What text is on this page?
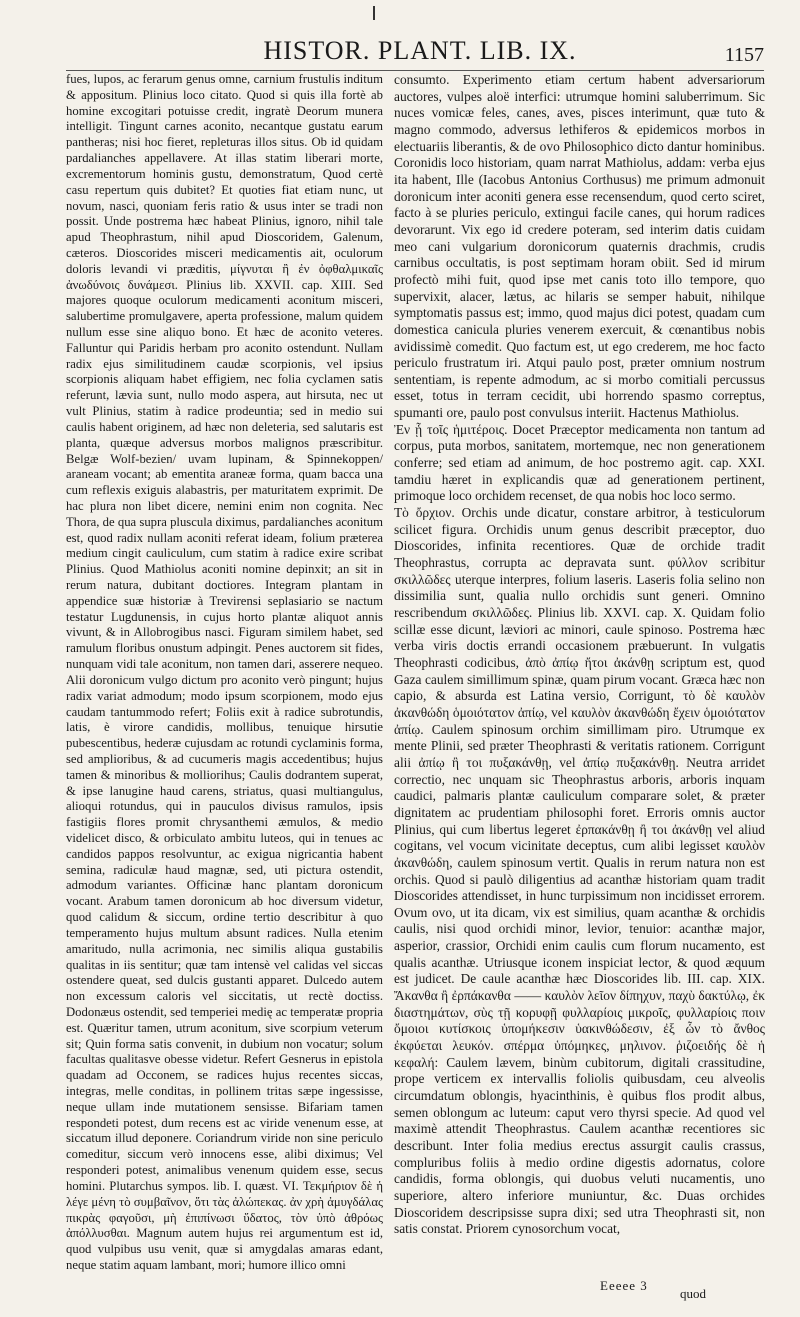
HISTOR. PLANT. LIB. IX.	1157

fues, lupos, ac ferarum genus omne, carnium frustulis inditum & appositum. Plinius loco citato. Quod si quis illa fortè ab homine excogitari potuisse credit, ingratè Deorum munera intelligit. Tingunt carnes aconito, necantque gustatu earum pantheras; nisi hoc fieret, repleturas illos situs. Ob id quidam pardalianches appellavere. At illas statim liberari morte, excrementorum hominis gustu, demonstratum, Quod certè casu repertum quis dubitet? Et quoties fiat etiam nunc, ut novum, nasci, quoniam feris ratio & usus inter se tradi non possit. Unde postrema hæc habeat Plinius, ignoro, nihil tale apud Theophrastum, nihil apud Dioscoridem, Galenum, cæteros. Dioscorides misceri medicamentis ait, oculorum doloris levandi vi præditis, μίγνυται ἢ ἐν ὀφθαλμικαῖς ἀνωδύνοις δυνάμεσι. Plinius lib. XXVII. cap. XIII. Sed majores quoque oculorum medicamenti aconitum misceri, salubertime promulgavere, aperta professione, malum quidem nullum esse sine aliquo bono. Et hæc de aconito veteres. Falluntur qui Paridis herbam pro aconito ostendunt. Nullam radix ejus similitudinem caudæ scorpionis, vel ipsius scorpionis aliquam habet effigiem, nec folia cyclamen satis referunt, lævia sunt, nullo modo aspera, aut hirsuta, nec ut vult Plinius, statim à radice prodeuntia; sed in medio sui caulis habent originem, ad hæc non deleteria, sed salutaris est planta, quæque adversus morbos malignos præscribitur. Belgæ Wolf-bezien/ uvam lupinam, & Spinnekoppen/ araneam vocant; ab ementita araneæ forma, quam bacca una cum reflexis exiguis alabastris, per maturitatem exprimit. De hac plura non libet dicere, nemini enim non cognita. Nec Thora, de qua supra pluscula diximus, pardalianches aconitum est, quod radix nullam aconiti referat ideam, folium præterea medium cingit cauliculum, cum statim à radice exire scribat Plinius. Quod Mathiolus aconiti nomine depinxit; an sit in rerum natura, dubitant doctiores. Integram plantam in appendice suæ historiæ à Trevirensi seplasiario se nactum testatur Lugdunensis, in cujus horto plantæ aliquot annis vivunt, & in Allobrogibus nasci. Figuram similem habet, sed ramulum floribus onustum adpingit. Penes auctorem sit fides, nunquam vidi tale aconitum, non tamen dari, asserere nequeo. Alii doronicum vulgo dictum pro aconito verò pingunt; hujus radix variat admodum; modo ipsum scorpionem, modo ejus caudam tantummodo refert; Foliis exit à radice subrotundis, latis, è virore candidis, mollibus, tenuique hirsutie pubescentibus, hederæ cujusdam ac rotundi cyclaminis forma, sed amplioribus, & ad cucumeris magis accedentibus; hujus tamen & minoribus & molliorihus; Caulis dodrantem superat, & ipse lanugine haud carens, striatus, quasi multiangulus, alioqui rotundus, qui in pauculos divisus ramulos, ipsis fastigiis flores promit chrysanthemi æmulos, & medio videlicet disco, & orbiculato ambitu luteos, qui in tenues ac candidos pappos resolvuntur, ac exigua nigricantia habent semina, radiculæ haud magnæ, sed, uti pictura ostendit, admodum variantes. Officinæ hanc plantam doronicum vocant. Arabum tamen doronicum ab hoc diversum videtur, quod calidum & siccum, ordine tertio describitur à quo temperamento hujus multum absunt radices. Nulla etenim amaritudo, nulla acrimonia, nec similis aliqua gustabilis qualitas in iis sentitur; quæ tam intensè vel calidas vel siccas ostendere queat, sed dulcis gustanti apparet. Dulcedo autem non excessum caloris vel siccitatis, ut rectè doctiss. Dodonæus ostendit, sed temperiei medię ac temperatæ propria est. Quæritur tamen, utrum aconitum, sive scorpium veterum sit; Quin forma satis convenit, in dubium non vocatur; solum facultas qualitasve obesse videtur. Refert Gesnerus in epistola quadam ad Occonem, se radices hujus recentes siccas, integras, melle conditas, in pollinem tritas sæpe ingessisse, neque ullam inde mutationem sensisse. Bifariam tamen respondeti potest, dum recens est ac viride venenum esse, at siccatum illud deponere. Coriandrum viride non sine periculo comeditur, siccum verò innocens esse, alibi diximus; Vel responderi potest, animalibus venenum quidem esse, secus homini. Plutarchus sympos. lib. I. quæst. VI. Τεκμήριον δὲ ἡ λέγε μένη τὸ συμβαῖνον, ὅτι τὰς ἀλώπεκας. ἀν χρὴ ἀμυγδάλας πικρὰς φαγοῦσι, μὴ ἐπιπίνωσι ὕδατος, τὸν ὑπὸ ἀθρόως ἀπόλλυσθαι. Magnum autem hujus rei argumentum est id, quod vulpibus usu venit, quæ si amygdalas amaras edant, neque statim aquam lambant, mori; humore illico omni

consumto. Experimento etiam certum habent adversariorum auctores, vulpes aloë interfici: utrumque homini saluberrimum. Sic nuces vomicæ feles, canes, aves, pisces interimunt, quæ tuto & magno commodo, adversus lethiferos & epidemicos morbos in electuariis liberantis, & de ovo Philosophico dicto dantur hominibus. Coronidis loco historiam, quam narrat Mathiolus, addam: verba ejus ita habent, Ille (Iacobus Antonius Corthusus) me primum admonuit doronicum inter aconiti genera esse recensendum, quod certo sciret, facto à se pluries periculo, extingui facile canes, qui horum radices devorarunt. Vix ego id credere poteram, sed interim datis cuidam meo cani vulgarium doronicorum quaternis drachmis, crudis carnibus occultatis, is post septimam horam obiit. Sed id mirum profectò mihi fuit, quod ipse met canis toto illo tempore, quo supervixit, alacer, lætus, ac hilaris se semper habuit, nihilque symptomatis passus est; immo, quod majus dici potest, quadam cum domestica canicula pluries venerem exercuit, & cœnantibus nobis avidissimè comedit. Quo factum est, ut ego crederem, me hoc facto periculo frustratum iri. Atqui paulo post, præter omnium nostrum sententiam, is repente admodum, ac si morbo comitiali percussus esset, totus in terram cecidit, ubi horrendo spasmo correptus, spumanti ore, paulo post convulsus interiit. Hactenus Mathiolus.

Ἐν ᾗ τοῖς ἡμιτέροις. Docet Præceptor medicamenta non tantum ad corpus, puta morbos, sanitatem, mortemque, nec non generationem conferre; sed etiam ad animum, de hoc postremo agit. cap. XXI. tamdiu hæret in explicandis quæ ad generationem pertinent, primoque loco orchidem recenset, de qua nobis hoc loco sermo.

Τὸ ὄρχιον. Orchis unde dicatur, constare arbitror, à testiculorum scilicet figura. Orchidis unum genus describit præceptor, duo Dioscorides, infinita recentiores. Quæ de orchide tradit Theophrastus, corrupta ac depravata sunt. φύλλον scribitur σκιλλῶδες uterque interpres, folium laseris. Laseris folia selino non dissimilia sunt, qualia nullo orchidis sunt generi. Omnino rescribendum σκιλλῶδες. Plinius lib. XXVI. cap. X. Quidam folio scillæ esse dicunt, læviori ac minori, caule spinoso. Postrema hæc verba viris doctis errandi occasionem præbuerunt. In vulgatis Theophrasti codicibus, ἀπὸ ἀπίῳ ἤτοι ἀκάνθῃ scriptum est, quod Gaza caulem simillimum spinæ, quam pirum vocant. Græca hæc non capio, & absurda est Latina versio, Corrigunt, τὸ δὲ καυλὸν ἀκανθώδη ὁμοιότατον ἀπίῳ, vel καυλὸν ἀκανθώδη ἔχειν ὁμοιότατον ἀπίῳ. Caulem spinosum orchim simillimam piro. Utrumque ex mente Plinii, sed præter Theophrasti & veritatis rationem. Corrigunt alii ἀπίῳ ἢ τοι πυξακάνθῃ, vel ἀπίῳ πυξακάνθῃ. Neutra arridet correctio, nec unquam sic Theophrastus arboris, arboris inquam caudici, palmaris plantæ cauliculum comparare solet, & præter dignitatem ac prudentiam philosophi foret. Erroris omnis auctor Plinius, qui cum libertus legeret ἐρπακάνθῃ ἢ τοι ἀκάνθῃ vel aliud cogitans, vel vocum vicinitate deceptus, cum alibi legisset καυλὸν ἀκανθώδη, caulem spinosum vertit. Qualis in rerum natura non est orchis. Quod si paulò diligentius ad acanthæ historiam quam tradit Dioscorides attendisset, in hunc turpissimum non incidisset errorem. Ovum ovo, ut ita dicam, vix est similius, quam acanthæ & orchidis caulis, nisi quod orchidi minor, levior, tenuior: acanthæ major, asperior, crassior, Orchidi enim caulis cum florum nucamento, est qualis acanthæ. Utriusque iconem inspiciat lector, & quod æquum est judicet. De caule acanthæ hæc Dioscorides lib. III. cap. XIX. Ἄκανθα ἢ ἐρπάκανθα —— καυλὸν λεῖον δίπηχυν, παχὺ δακτύλῳ, ἐκ διαστημάτων, σὺς τῇ κορυφῇ φυλλαρίοις μικροῖς, φυλλαρίοις ποιν ὄμοιοι κυτίσκοις ὑπομήκεσιν ὑακινθώδεσιν, ἐξ ὧν τὸ ἄνθος ἐκφύεται λευκόν. σπέρμα ὑπόμηκες, μηλινον. ῥιζοειδής δὲ ἡ κεφαλή: Caulem lævem, binùm cubitorum, digitali crassitudine, prope verticem ex intervallis foliolis quibusdam, ceu alveolis circumdatum oblongis, hyacinthinis, è quibus flos prodit albus, semen oblongum ac luteum: caput vero thyrsi specie. Ad quod vel maximè attendit Theophrastus. Caulem acanthæ recentiores sic describunt. Inter folia medius erectus assurgit caulis crassus, compluribus foliis à medio ordine digestis adornatus, colore candidis, forma oblongis, qui duobus veluti nucamentis, uno superiore, altero inferiore muniuntur, &c. Duas orchides Dioscoridem descripsisse supra dixi; sed utra Theophrasti sit, non satis constat. Priorem cynosorchum vocat,

Eeeee 3
quod
